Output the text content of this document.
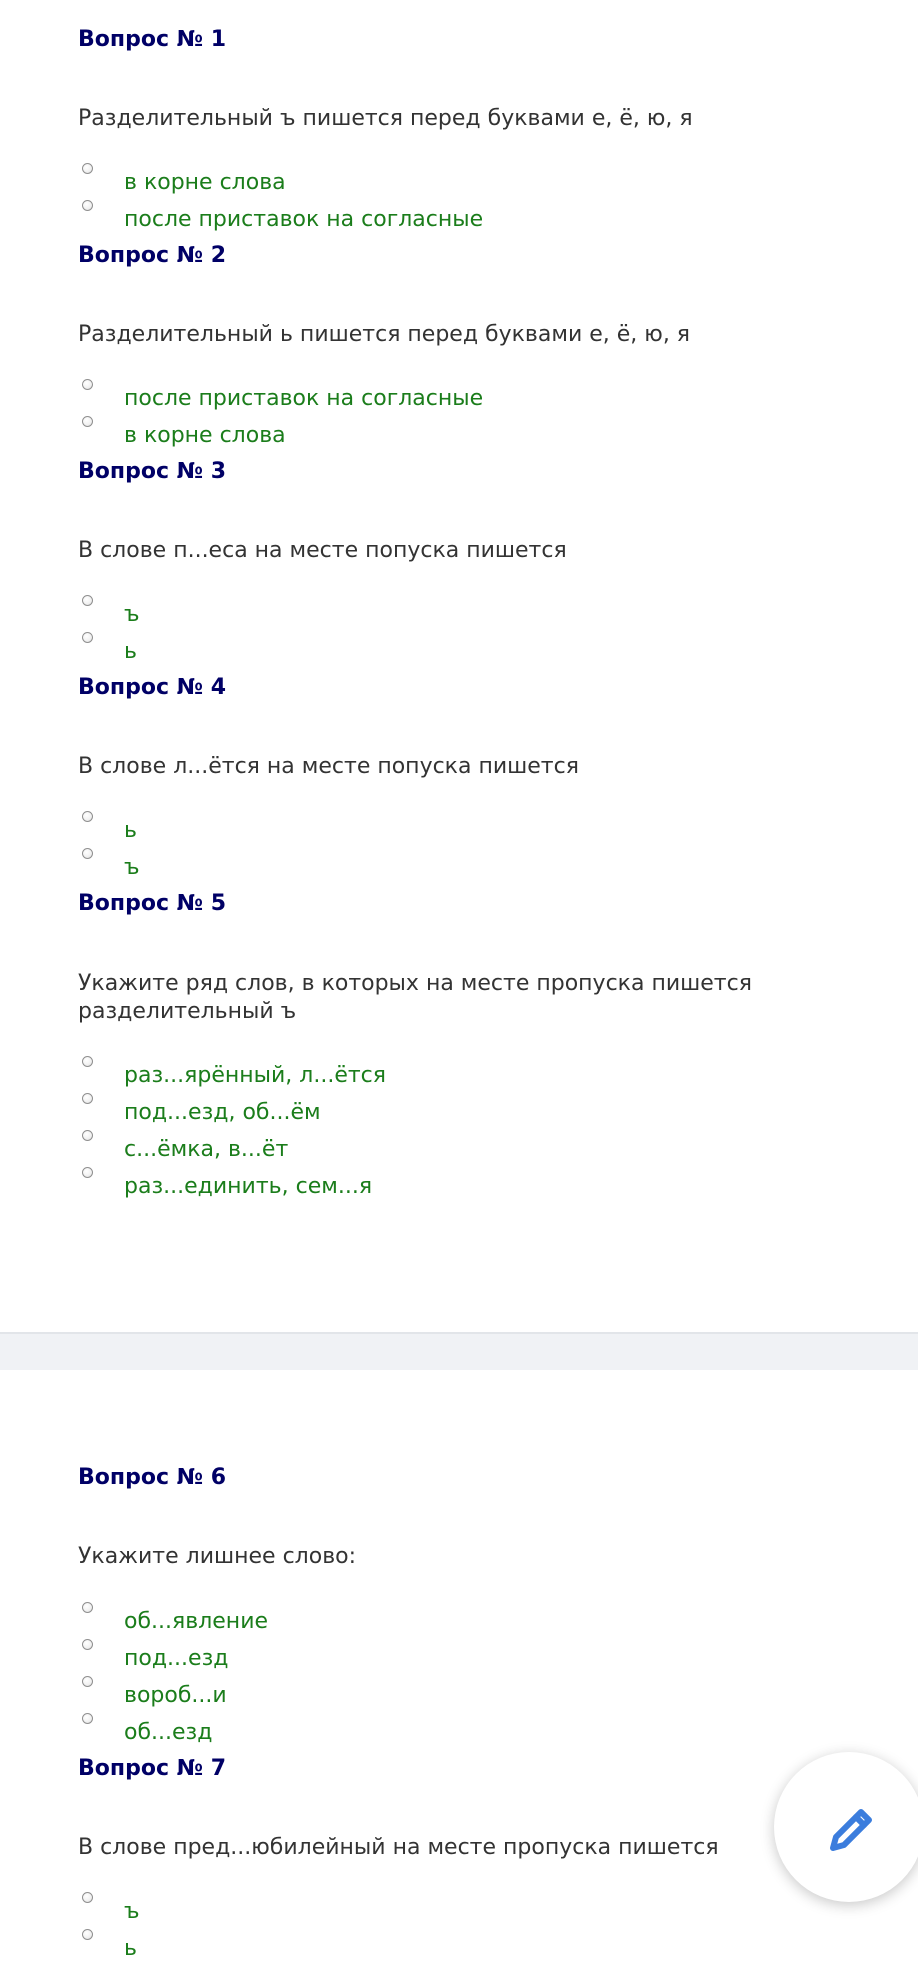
Вопрос № 1

Разделительный ъ пишется перед буквами е, ё, ю, я

в корне слова
после приставок на согласные
Вопрос № 2

Разделительный ь пишется перед буквами е, ё, ю, я

после приставок на согласные
в корне слова
Вопрос № 3

В слове п...еса на месте попуска пишется

ъ
ь
Вопрос № 4

В слове л...ётся на месте попуска пишется

ь
ъ
Вопрос № 5

Укажите ряд слов, в которых на месте пропуска пишется
разделительный ъ

раз...ярённый, л...ётся
под...езд, об...ём
с...ёмка, в...ёт
раз...единить, сем...я
Вопрос № 6

Укажите лишнее слово:

об...явление
под...езд
вороб...и
об...езд
Вопрос № 7

В слове пред...юбилейный на месте пропуска пишется

ъ
ь
